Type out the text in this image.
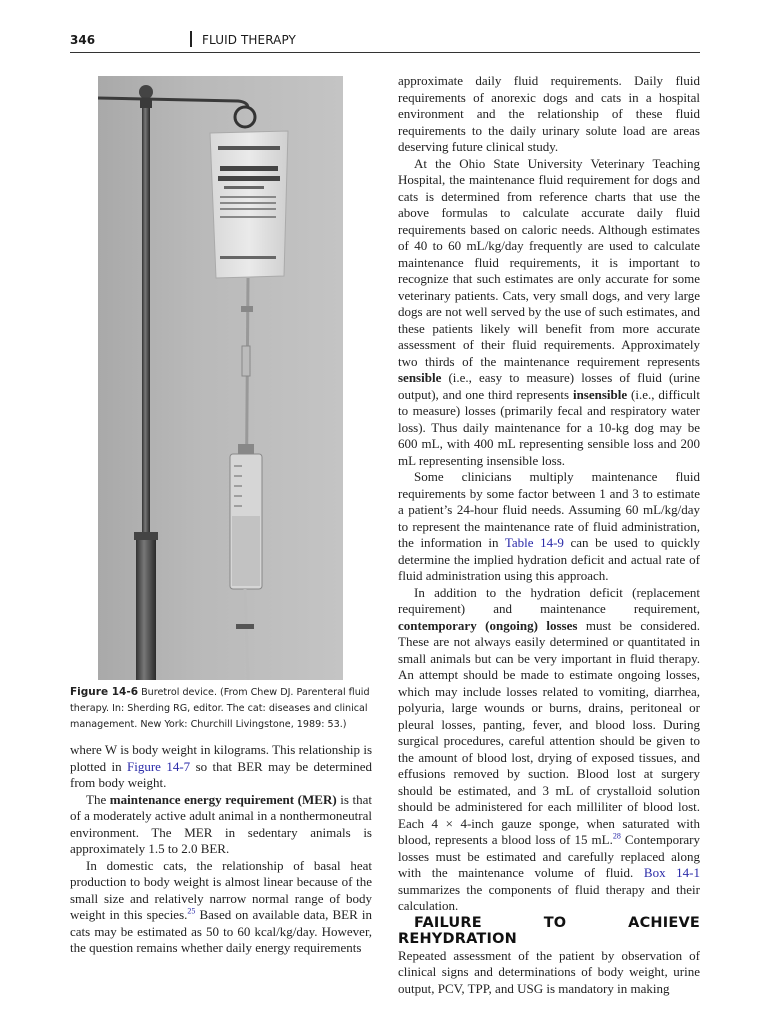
346	FLUID THERAPY
Figure 14-6 Buretrol device. (From Chew DJ. Parenteral fluid therapy. In: Sherding RG, editor. The cat: diseases and clinical management. New York: Churchill Livingstone, 1989: 53.)

where W is body weight in kilograms. This relationship is plotted in Figure 14-7 so that BER may be determined from body weight.

The maintenance energy requirement (MER) is that of a moderately active adult animal in a nonthermoneutral environment. The MER in sedentary animals is approximately 1.5 to 2.0 BER.

In domestic cats, the relationship of basal heat production to body weight is almost linear because of the small size and relatively narrow normal range of body weight in this species.$^{25}$ Based on available data, BER in cats may be estimated as 50 to 60 kcal/kg/day. However, the question remains whether daily energy requirements

approximate daily fluid requirements. Daily fluid requirements of anorexic dogs and cats in a hospital environment and the relationship of these fluid requirements to the daily urinary solute load are areas deserving future clinical study.

At the Ohio State University Veterinary Teaching Hospital, the maintenance fluid requirement for dogs and cats is determined from reference charts that use the above formulas to calculate accurate daily fluid requirements based on caloric needs. Although estimates of 40 to 60 mL/kg/day frequently are used to calculate maintenance fluid requirements, it is important to recognize that such estimates are only accurate for some veterinary patients. Cats, very small dogs, and very large dogs are not well served by the use of such estimates, and these patients likely will benefit from more accurate assessment of their fluid requirements. Approximately two thirds of the maintenance requirement represents sensible (i.e., easy to measure) losses of fluid (urine output), and one third represents insensible (i.e., difficult to measure) losses (primarily fecal and respiratory water loss). Thus daily maintenance for a 10-kg dog may be 600 mL, with 400 mL representing sensible loss and 200 mL representing insensible loss.

Some clinicians multiply maintenance fluid requirements by some factor between 1 and 3 to estimate a patient’s 24-hour fluid needs. Assuming 60 mL/kg/day to represent the maintenance rate of fluid administration, the information in Table 14-9 can be used to quickly determine the implied hydration deficit and actual rate of fluid administration using this approach.

In addition to the hydration deficit (replacement requirement) and maintenance requirement, contemporary (ongoing) losses must be considered. These are not always easily determined or quantitated in small animals but can be very important in fluid therapy. An attempt should be made to estimate ongoing losses, which may include losses related to vomiting, diarrhea, polyuria, large wounds or burns, drains, peritoneal or pleural losses, panting, fever, and blood loss. During surgical procedures, careful attention should be given to the amount of blood lost, drying of exposed tissues, and effusions removed by suction. Blood lost at surgery should be estimated, and 3 mL of crystalloid solution should be administered for each milliliter of blood lost. Each 4 × 4-inch gauze sponge, when saturated with blood, represents a blood loss of 15 mL.$^{28}$ Contemporary losses must be estimated and carefully replaced along with the maintenance volume of fluid. Box 14-1 summarizes the components of fluid therapy and their calculation.

FAILURE TO ACHIEVE REHYDRATION

Repeated assessment of the patient by observation of clinical signs and determinations of body weight, urine output, PCV, TPP, and USG is mandatory in making
